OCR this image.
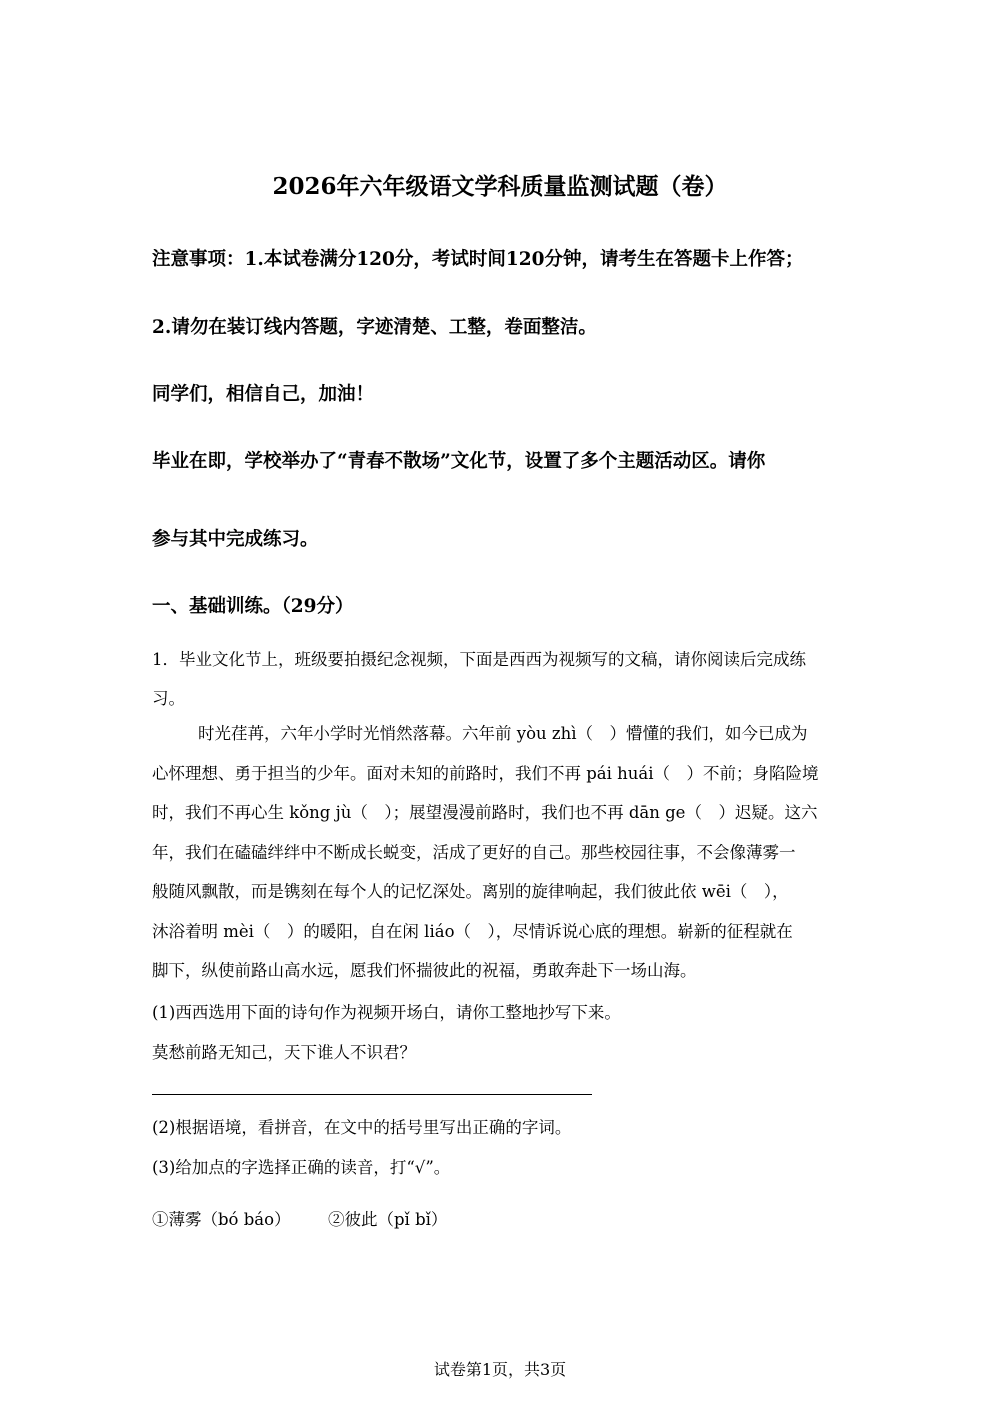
2026年六年级语文学科质量监测试题（卷）
注意事项：1.本试卷满分120分，考试时间120分钟，请考生在答题卡上作答；
2.请勿在装订线内答题，字迹清楚、工整，卷面整洁。
同学们，相信自己，加油！
毕业在即，学校举办了“青春不散场”文化节，设置了多个主题活动区。请你
参与其中完成练习。
一、基础训练。（29分）
1．毕业文化节上，班级要拍摄纪念视频，下面是西西为视频写的文稿，请你阅读后完成练
习。
时光荏苒，六年小学时光悄然落幕。六年前 yòu zhì（　）懵懂的我们，如今已成为
心怀理想、勇于担当的少年。面对未知的前路时，我们不再 pái huái（　）不前；身陷险境
时，我们不再心生 kǒng jù（　）；展望漫漫前路时，我们也不再 dān ge（　）迟疑。这六
年，我们在磕磕绊绊中不断成长蜕变，活成了更好的自己。那些校园往事，不会像薄雾一
般随风飘散，而是镌刻在每个人的记忆深处。离别的旋律响起，我们彼此依 wēi（　），
沐浴着明 mèi（　）的暖阳，自在闲 liáo（　），尽情诉说心底的理想。崭新的征程就在
脚下，纵使前路山高水远，愿我们怀揣彼此的祝福，勇敢奔赴下一场山海。
(1)西西选用下面的诗句作为视频开场白，请你工整地抄写下来。
莫愁前路无知己，天下谁人不识君？
(2)根据语境，看拼音，在文中的括号里写出正确的字词。
(3)给加点的字选择正确的读音，打“√”。
①薄雾（bó báo） ②彼此（pǐ bǐ）
试卷第1页，共3页
